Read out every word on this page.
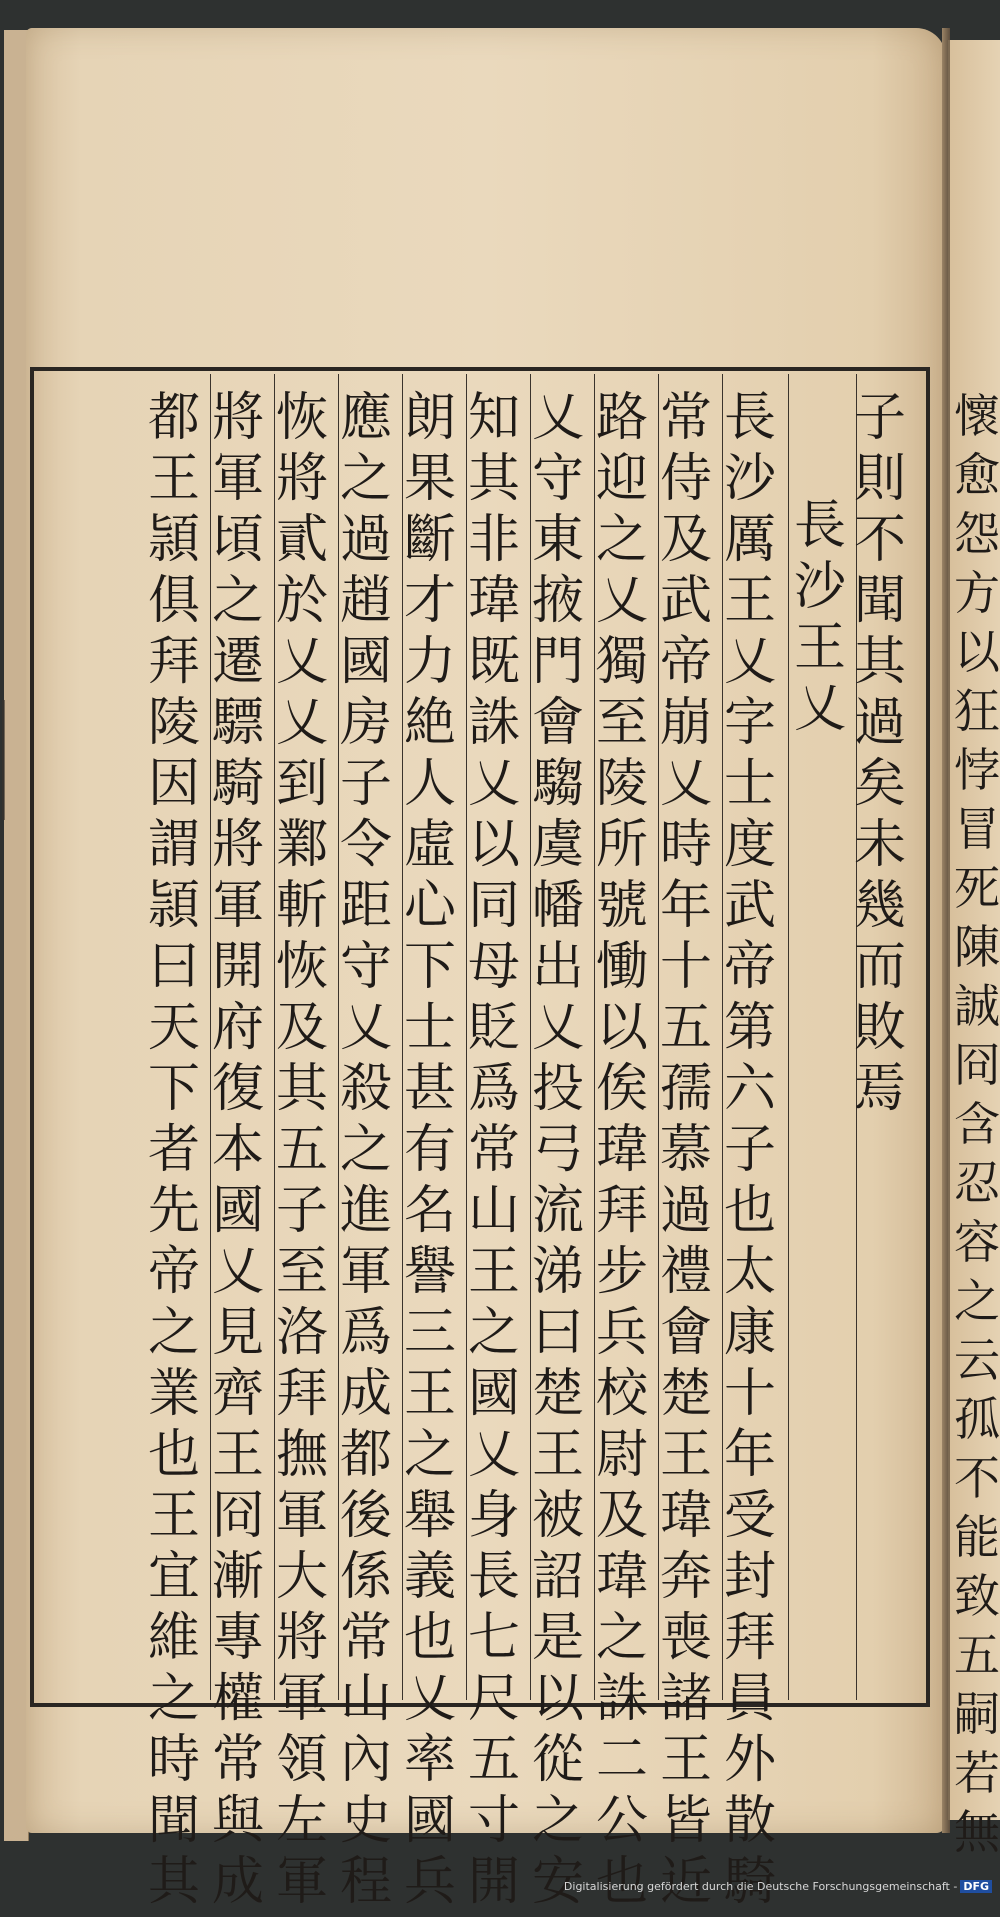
子
則
不
聞
其
過
矣
未
幾
而
敗
焉
長
沙
王
乂
長
沙
厲
王
乂
字
士
度
武
帝
第
六
子
也
太
康
十
年
受
封
拜
員
外
散
騎
常
侍
及
武
帝
崩
乂
時
年
十
五
孺
慕
過
禮
會
楚
王
瑋
奔
喪
諸
王
皆
近
路
迎
之
乂
獨
至
陵
所
號
慟
以
俟
瑋
拜
步
兵
校
尉
及
瑋
之
誅
二
公
也
乂
守
東
掖
門
會
騶
虞
幡
出
乂
投
弓
流
涕
曰
楚
王
被
詔
是
以
從
之
安
知
其
非
瑋
既
誅
乂
以
同
母
貶
爲
常
山
王
之
國
乂
身
長
七
尺
五
寸
開
朗
果
斷
才
力
絶
人
虛
心
下
士
甚
有
名
譽
三
王
之
舉
義
也
乂
率
國
兵
應
之
過
趙
國
房
子
令
距
守
乂
殺
之
進
軍
爲
成
都
後
係
常
山
內
史
程
恢
將
貳
於
乂
乂
到
鄴
斬
恢
及
其
五
子
至
洛
拜
撫
軍
大
將
軍
領
左
軍
將
軍
頃
之
遷
驃
騎
將
軍
開
府
復
本
國
乂
見
齊
王
冏
漸
專
權
常
與
成
都
王
頴
俱
拜
陵
因
謂
頴
曰
天
下
者
先
帝
之
業
也
王
宜
維
之
時
聞
其
懷
愈
怨
方
以
狂
悖
冒
死
陳
誠
冏
含
忍
容
之
云
孤
不
能
致
五
嗣
若
無
Digitalisierung gefördert durch die Deutsche Forschungsgemeinschaft - DFG
